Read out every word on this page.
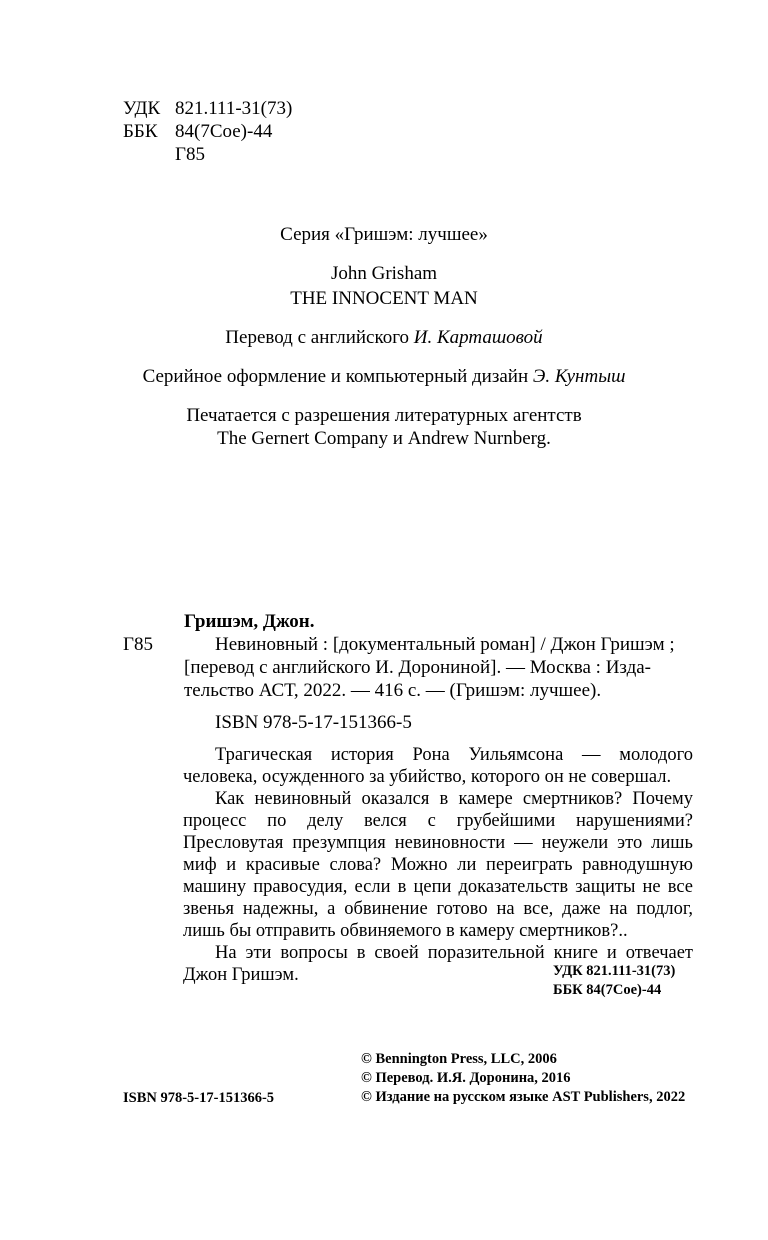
УДК 821.111-31(73)
ББК 84(7Сое)-44
Г85
Серия «Гришэм: лучшее»
John Grisham
THE INNOCENT MAN
Перевод с английского И. Карташовой
Серийное оформление и компьютерный дизайн Э. Кунтыш
Печатается с разрешения литературных агентств
The Gernert Company и Andrew Nurnberg.
Гришэм, Джон.
Г85	Невиновный : [документальный роман] / Джон Гришэм ;
[перевод с английского И. Дорониной]. — Москва : Изда-
тельство АСТ, 2022. — 416 с. — (Гришэм: лучшее).
ISBN 978-5-17-151366-5

Трагическая история Рона Уильямсона — молодого человека, осужденного за убийство, которого он не совершал.

Как невиновный оказался в камере смертников? Почему процесс по делу велся с грубейшими нарушениями? Пресловутая презумпция невиновности — неужели это лишь миф и красивые слова? Можно ли переиграть равнодушную машину правосудия, если в цепи доказательств защиты не все звенья надежны, а обвинение готово на все, даже на подлог, лишь бы отправить обвиняемого в камеру смертников?..

На эти вопросы в своей поразительной книге и отвечает Джон Гришэм.	УДК 821.111-31(73)
ББК 84(7Сое)-44
ISBN 978-5-17-151366-5
© Bennington Press, LLC, 2006
© Перевод. И.Я. Доронина, 2016
© Издание на русском языке AST Publishers, 2022
